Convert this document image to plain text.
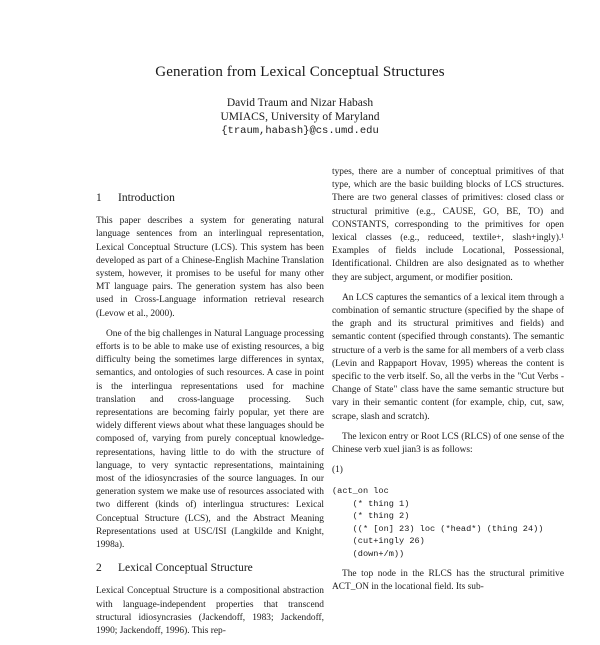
Generation from Lexical Conceptual Structures
David Traum and Nizar Habash
UMIACS, University of Maryland
{traum,habash}@cs.umd.edu
1 Introduction

This paper describes a system for generating natural language sentences from an interlingual representation, Lexical Conceptual Structure (LCS). This system has been developed as part of a Chinese-English Machine Translation system, however, it promises to be useful for many other MT language pairs. The generation system has also been used in Cross-Language information retrieval research (Levow et al., 2000).

One of the big challenges in Natural Language processing efforts is to be able to make use of existing resources, a big difficulty being the sometimes large differences in syntax, semantics, and ontologies of such resources. A case in point is the interlingua representations used for machine translation and cross-language processing. Such representations are becoming fairly popular, yet there are widely different views about what these languages should be composed of, varying from purely conceptual knowledge-representations, having little to do with the structure of language, to very syntactic representations, maintaining most of the idiosyncrasies of the source languages. In our generation system we make use of resources associated with two different (kinds of) interlingua structures: Lexical Conceptual Structure (LCS), and the Abstract Meaning Representations used at USC/ISI (Langkilde and Knight, 1998a).

2 Lexical Conceptual Structure

Lexical Conceptual Structure is a compositional abstraction with language-independent properties that transcend structural idiosyncrasies (Jackendoff, 1983; Jackendoff, 1990; Jackendoff, 1996). This rep-

types, there are a number of conceptual primitives of that type, which are the basic building blocks of LCS structures. There are two general classes of primitives: closed class or structural primitive (e.g., CAUSE, GO, BE, TO) and CONSTANTS, corresponding to the primitives for open lexical classes (e.g., reduceed, textile+, slash+ingly).¹ Examples of fields include Locational, Possessional, Identificational. Children are also designated as to whether they are subject, argument, or modifier position.

An LCS captures the semantics of a lexical item through a combination of semantic structure (specified by the shape of the graph and its structural primitives and fields) and semantic content (specified through constants). The semantic structure of a verb is the same for all members of a verb class (Levin and Rappaport Hovav, 1995) whereas the content is specific to the verb itself. So, all the verbs in the "Cut Verbs - Change of State" class have the same semantic structure but vary in their semantic content (for example, chip, cut, saw, scrape, slash and scratch).

The lexicon entry or Root LCS (RLCS) of one sense of the Chinese verb xuel jian3 is as follows:

(1)
(act_on loc
(* thing 1)
(* thing 2)
((* [on] 23) loc (*head*) (thing 24))
(cut+ingly 26)
(down+/m))

The top node in the RLCS has the structural primitive ACT_ON in the locational field. Its sub-
